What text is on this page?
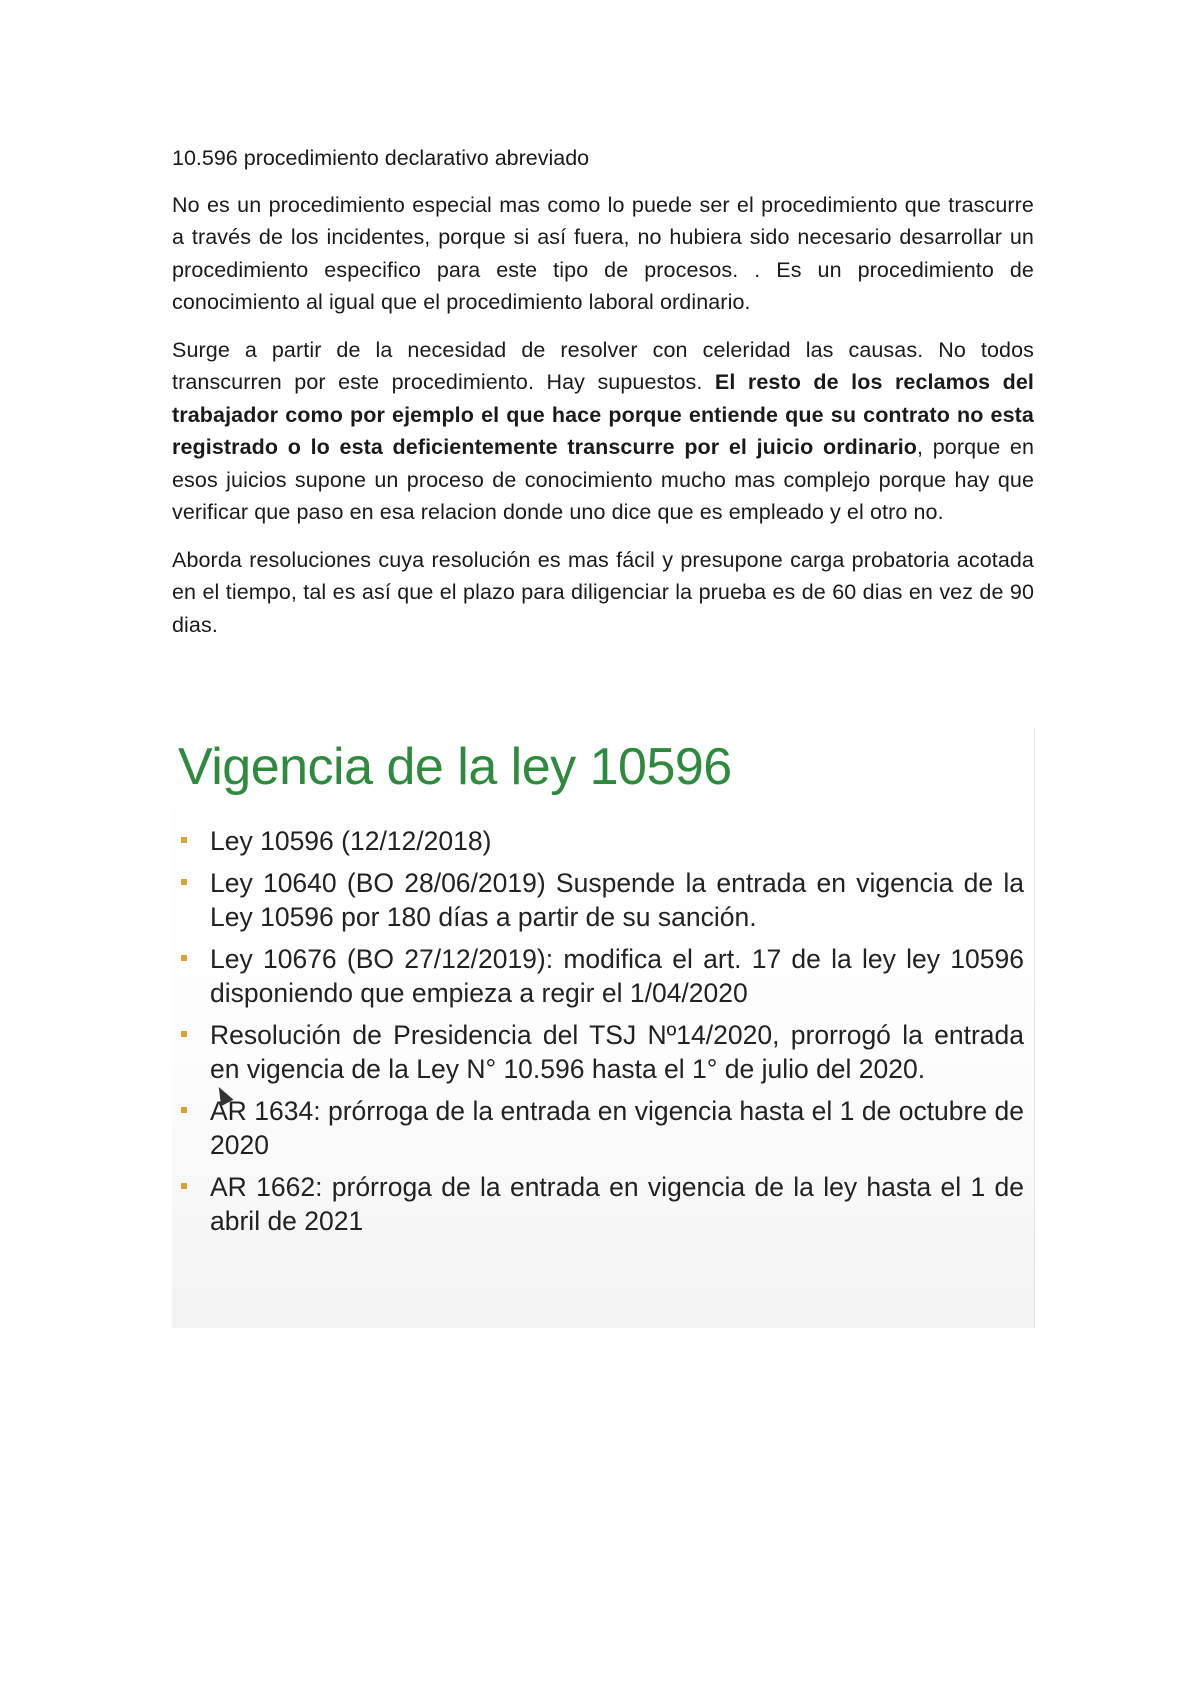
10.596 procedimiento declarativo abreviado

No es un procedimiento especial mas como lo puede ser el procedimiento que trascurre a través de los incidentes, porque si así fuera, no hubiera sido necesario desarrollar un procedimiento especifico para este tipo de procesos. . Es un procedimiento de conocimiento al igual que el procedimiento laboral ordinario.

Surge a partir de la necesidad de resolver con celeridad las causas. No todos transcurren por este procedimiento. Hay supuestos. El resto de los reclamos del trabajador como por ejemplo el que hace porque entiende que su contrato no esta registrado o lo esta deficientemente transcurre por el juicio ordinario, porque en esos juicios supone un proceso de conocimiento mucho mas complejo porque hay que verificar que paso en esa relacion donde uno dice que es empleado y el otro no.

Aborda resoluciones cuya resolución es mas fácil y presupone carga probatoria acotada en el tiempo, tal es así que el plazo para diligenciar la prueba es de 60 dias en vez de 90 dias.

Vigencia de la ley 10596
Ley 10596 (12/12/2018)
Ley 10640 (BO 28/06/2019) Suspende la entrada en vigencia de la Ley 10596 por 180 días a partir de su sanción.
Ley 10676 (BO 27/12/2019): modifica el art. 17 de la ley ley 10596 disponiendo que empieza a regir el 1/04/2020
Resolución de Presidencia del TSJ Nº14/2020, prorrogó la entrada en vigencia de la Ley N° 10.596 hasta el 1° de julio del 2020.
AR 1634: prórroga de la entrada en vigencia hasta el 1 de octubre de 2020
AR 1662: prórroga de la entrada en vigencia de la ley hasta el 1 de abril de 2021
